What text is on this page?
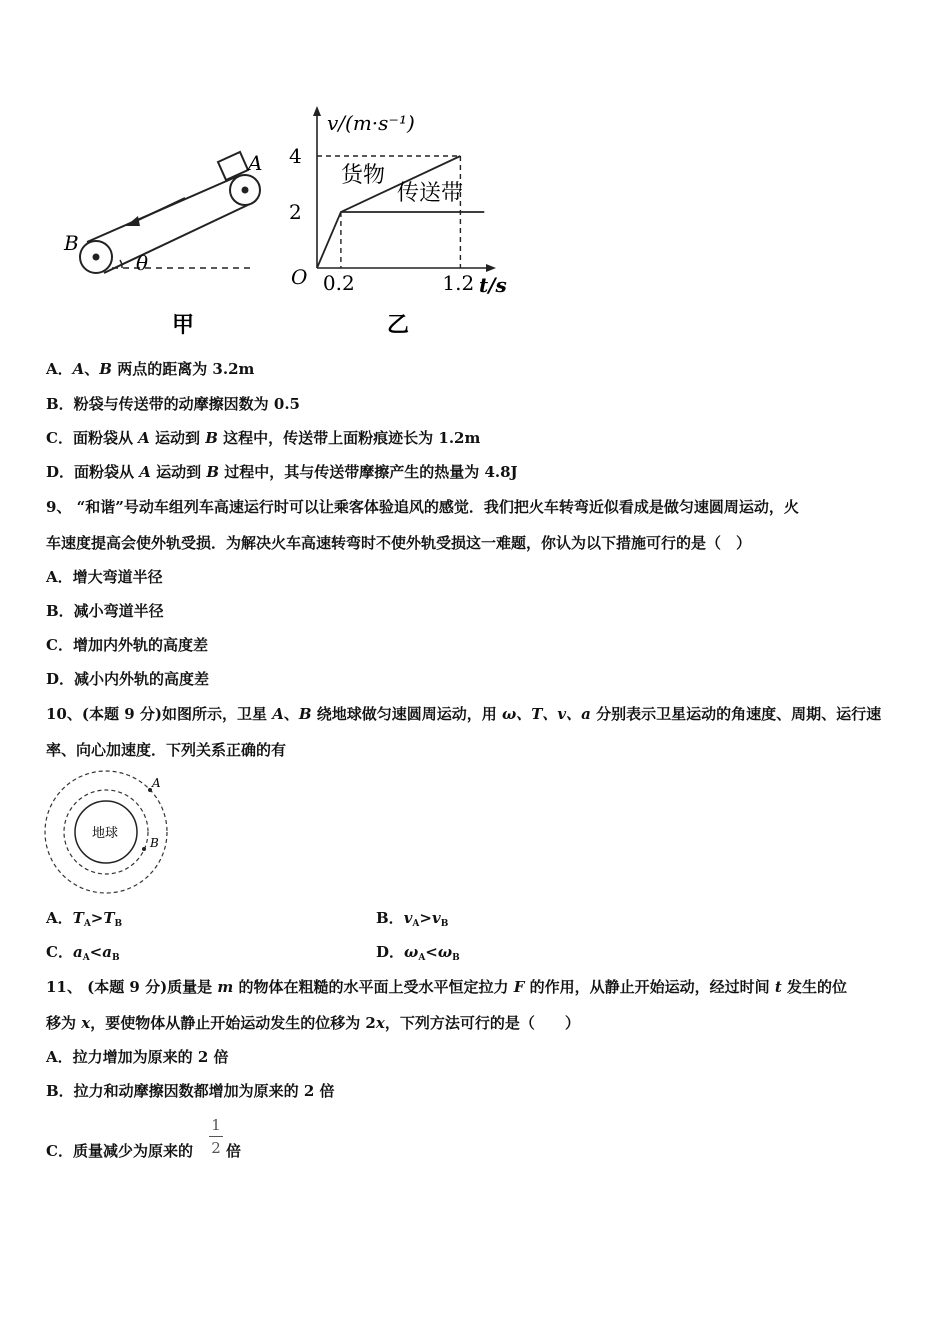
A
B
θ
甲
v/(m·s⁻¹)
t/s
O
乙
4
2
0.2	1.2
货物
传送带
A．A、B 两点的距离为 3.2m
B．粉袋与传送带的动摩擦因数为 0.5
C．面粉袋从 A 运动到 B 这程中，传送带上面粉痕迹长为 1.2m
D．面粉袋从 A 运动到 B 过程中，其与传送带摩擦产生的热量为 4.8J
9、 “和谐”号动车组列车高速运行时可以让乘客体验追风的感觉．我们把火车转弯近似看成是做匀速圆周运动，火
车速度提高会使外轨受损．为解决火车高速转弯时不使外轨受损这一难题，你认为以下措施可行的是（　）
A．增大弯道半径
B．减小弯道半径
C．增加内外轨的高度差
D．减小内外轨的高度差
10、(本题 9 分)如图所示，卫星 A、B 绕地球做匀速圆周运动，用 ω、T、v、a 分别表示卫星运动的角速度、周期、运行速
率、向心加速度．下列关系正确的有
地球
A
B
A．$T_A>T_B$	B．$v_A>v_B$
C．$a_A<a_B$	D．$\omega_A<\omega_B$
11、 (本题 9 分)质量是 m 的物体在粗糙的水平面上受水平恒定拉力 F 的作用，从静止开始运动，经过时间 t 发生的位
移为 x，要使物体从静止开始运动发生的位移为 2x，下列方法可行的是（　　）
A．拉力增加为原来的 2 倍
B．拉力和动摩擦因数都增加为原来的 2 倍
C．质量减少为原来的
1
2 倍
